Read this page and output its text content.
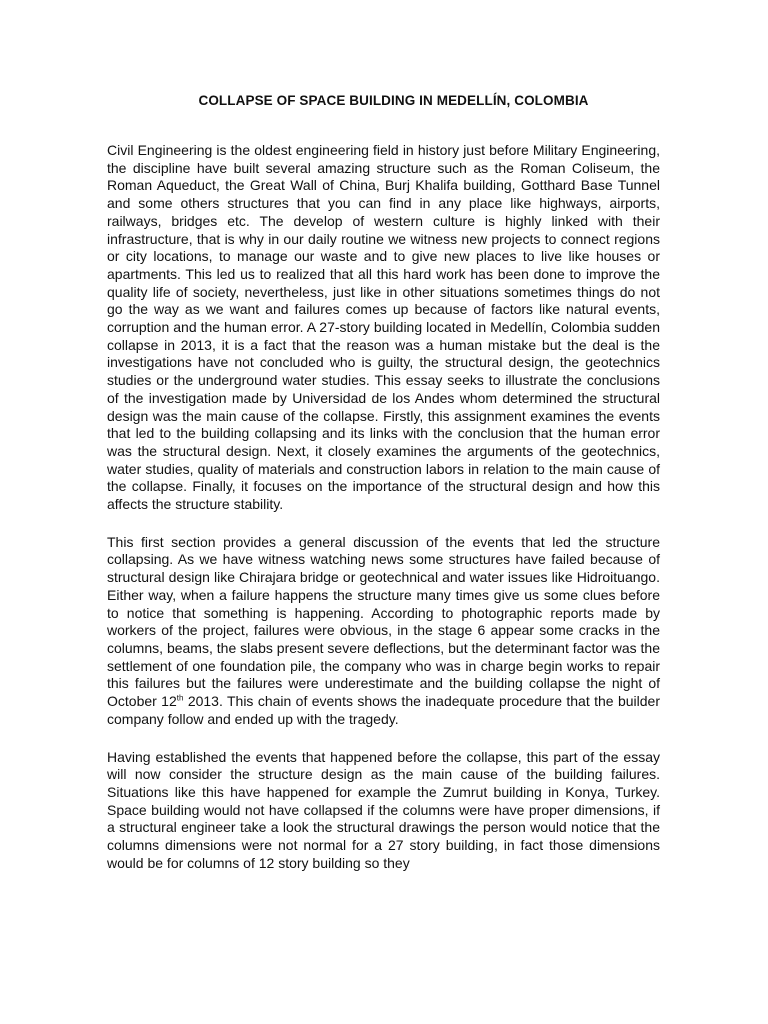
COLLAPSE OF SPACE BUILDING IN MEDELLÍN, COLOMBIA

Civil Engineering is the oldest engineering field in history just before Military Engineering, the discipline have built several amazing structure such as the Roman Coliseum, the Roman Aqueduct, the Great Wall of China, Burj Khalifa building, Gotthard Base Tunnel and some others structures that you can find in any place like highways, airports, railways, bridges etc. The develop of western culture is highly linked with their infrastructure, that is why in our daily routine we witness new projects to connect regions or city locations, to manage our waste and to give new places to live like houses or apartments. This led us to realized that all this hard work has been done to improve the quality life of society, nevertheless, just like in other situations sometimes things do not go the way as we want and failures comes up because of factors like natural events, corruption and the human error. A 27-story building located in Medellín, Colombia sudden collapse in 2013, it is a fact that the reason was a human mistake but the deal is the investigations have not concluded who is guilty, the structural design, the geotechnics studies or the underground water studies. This essay seeks to illustrate the conclusions of the investigation made by Universidad de los Andes whom determined the structural design was the main cause of the collapse. Firstly, this assignment examines the events that led to the building collapsing and its links with the conclusion that the human error was the structural design. Next, it closely examines the arguments of the geotechnics, water studies, quality of materials and construction labors in relation to the main cause of the collapse. Finally, it focuses on the importance of the structural design and how this affects the structure stability.

This first section provides a general discussion of the events that led the structure collapsing. As we have witness watching news some structures have failed because of structural design like Chirajara bridge or geotechnical and water issues like Hidroituango. Either way, when a failure happens the structure many times give us some clues before to notice that something is happening. According to photographic reports made by workers of the project, failures were obvious, in the stage 6 appear some cracks in the columns, beams, the slabs present severe deflections, but the determinant factor was the settlement of one foundation pile, the company who was in charge begin works to repair this failures but the failures were underestimate and the building collapse the night of October 12th 2013. This chain of events shows the inadequate procedure that the builder company follow and ended up with the tragedy.

Having established the events that happened before the collapse, this part of the essay will now consider the structure design as the main cause of the building failures. Situations like this have happened for example the Zumrut building in Konya, Turkey. Space building would not have collapsed if the columns were have proper dimensions, if a structural engineer take a look the structural drawings the person would notice that the columns dimensions were not normal for a 27 story building, in fact those dimensions would be for columns of 12 story building so they
